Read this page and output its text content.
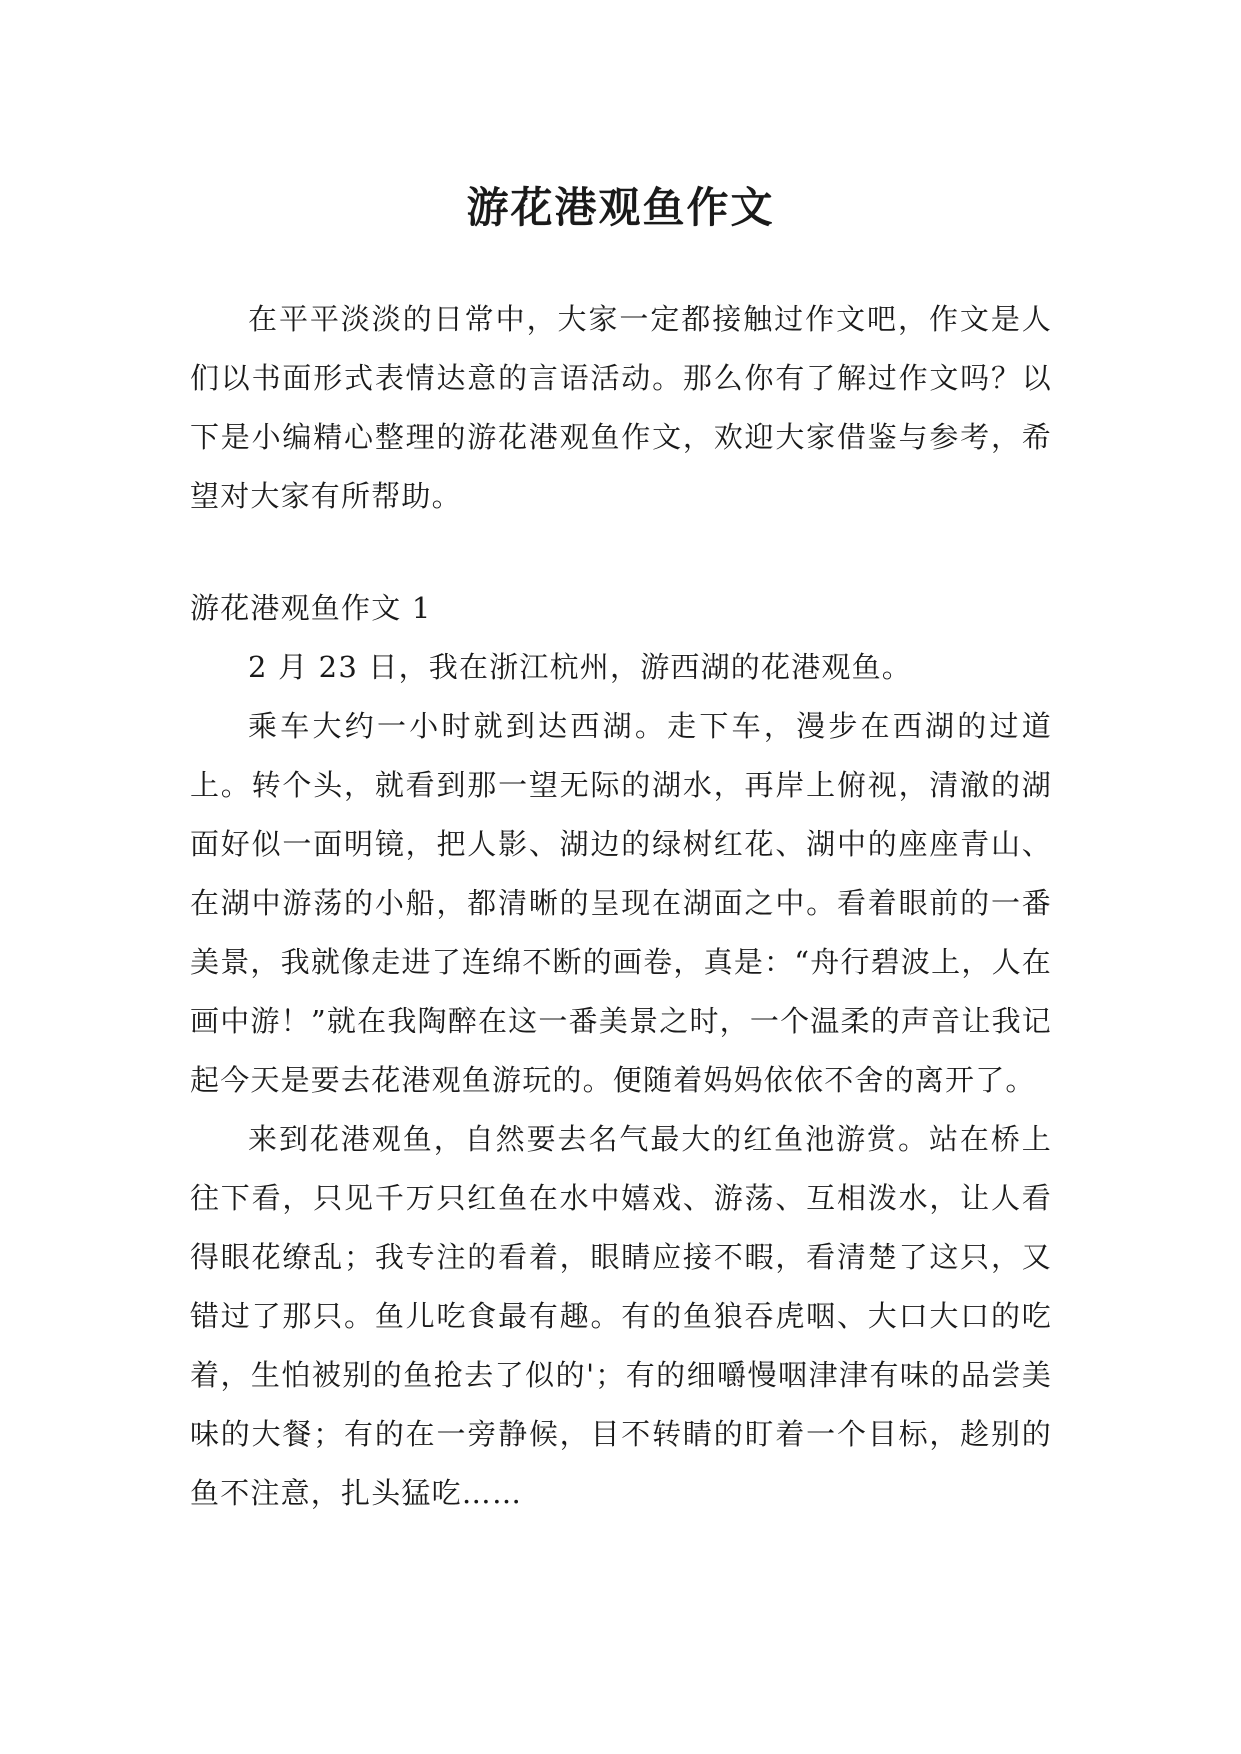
游花港观鱼作文

在平平淡淡的日常中，大家一定都接触过作文吧，作文是人们以书面形式表情达意的言语活动。那么你有了解过作文吗？以下是小编精心整理的游花港观鱼作文，欢迎大家借鉴与参考，希望对大家有所帮助。

游花港观鱼作文 1

2 月 23 日，我在浙江杭州，游西湖的花港观鱼。

乘车大约一小时就到达西湖。走下车，漫步在西湖的过道上。转个头，就看到那一望无际的湖水，再岸上俯视，清澈的湖面好似一面明镜，把人影、湖边的绿树红花、湖中的座座青山、在湖中游荡的小船，都清晰的呈现在湖面之中。看着眼前的一番美景，我就像走进了连绵不断的画卷，真是：“舟行碧波上，人在画中游！”就在我陶醉在这一番美景之时，一个温柔的声音让我记起今天是要去花港观鱼游玩的。便随着妈妈依依不舍的离开了。

来到花港观鱼，自然要去名气最大的红鱼池游赏。站在桥上往下看，只见千万只红鱼在水中嬉戏、游荡、互相泼水，让人看得眼花缭乱；我专注的看着，眼睛应接不暇，看清楚了这只，又错过了那只。鱼儿吃食最有趣。有的鱼狼吞虎咽、大口大口的吃着，生怕被别的鱼抢去了似的'；有的细嚼慢咽津津有味的品尝美味的大餐；有的在一旁静候，目不转睛的盯着一个目标，趁别的鱼不注意，扎头猛吃……
